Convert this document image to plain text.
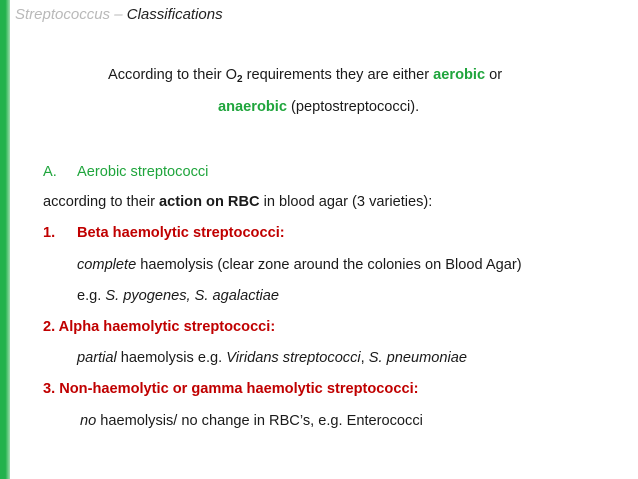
Streptococcus – Classifications
According to their $O_2$ requirements they are either aerobic or
anaerobic (peptostreptococci).
A. Aerobic streptococci
according to their action on RBC in blood agar (3 varieties):
1. Beta haemolytic streptococci:
complete haemolysis (clear zone around the colonies on Blood Agar)
e.g. S. pyogenes, S. agalactiae
2. Alpha haemolytic streptococci:
partial haemolysis e.g. Viridans streptococci, S. pneumoniae
3. Non-haemolytic or gamma haemolytic streptococci:
no haemolysis/ no change in RBC’s, e.g. Enterococci
